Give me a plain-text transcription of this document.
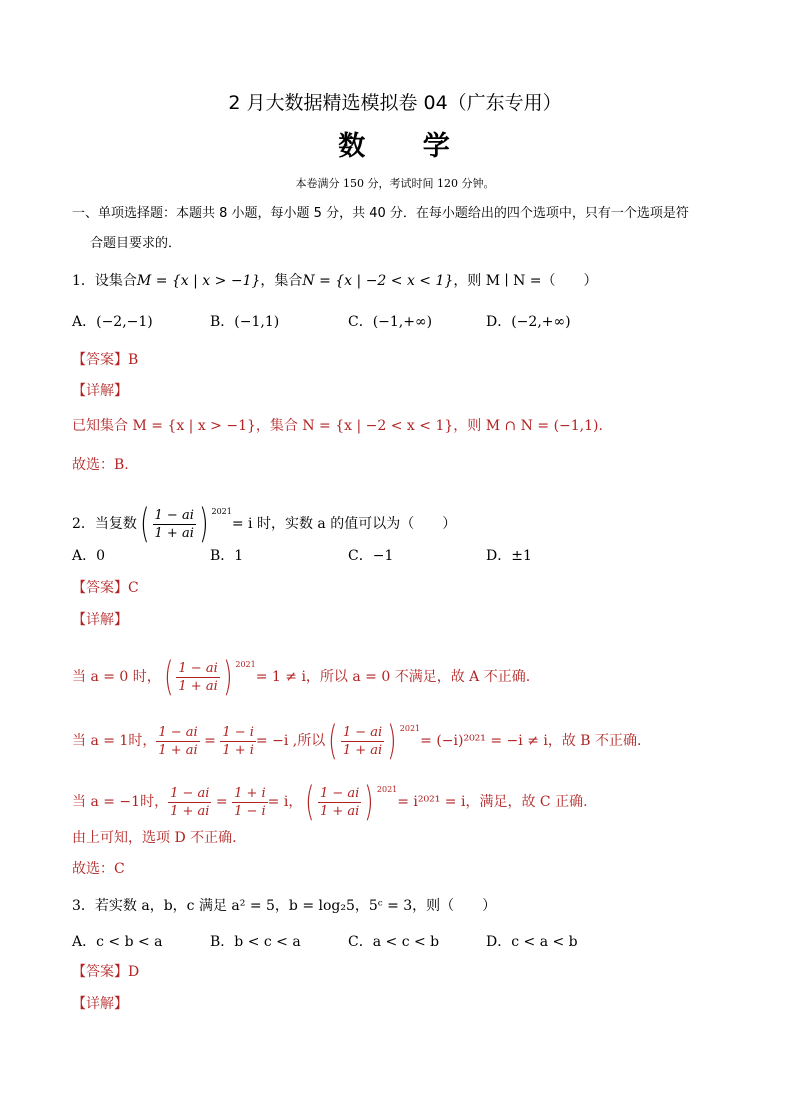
2 月大数据精选模拟卷 04（广东专用）
数 学
本卷满分 150 分，考试时间 120 分钟。
一、单项选择题：本题共 8 小题，每小题 5 分，共 40 分．在每小题给出的四个选项中，只有一个选项是符
合题目要求的．
1．设集合M = {x | x > −1}，集合N = {x | −2 < x < 1}，则 M ∣ N =（　　）
A．(−2,−1)	B．(−1,1)	C．(−1,+∞)	D．(−2,+∞)
【答案】B
【详解】
已知集合 M = {x | x > −1}，集合 N = {x | −2 < x < 1}，则 M ∩ N = (−1,1).
故选：B.
2．当复数( $\frac{1 - ai}{1 + ai}$ ) $^{2021}$= i 时，实数 a 的值可以为（　　）
A．0	B．1	C．−1	D．±1
【答案】C
【详解】
当 a = 0 时，( $\frac{1 - ai}{1 + ai}$ ) $^{2021}$= 1 ≠ i，所以 a = 0 不满足，故 A 不正确.
当 a = 1时， $\frac{1 - ai}{1 + ai} = \frac{1 - i}{1 + i} = -i$ ,所以( $\frac{1 - ai}{1 + ai}$ ) $^{2021}$= (−i)²⁰²¹ = −i ≠ i，故 B 不正确.
当 a = −1时， $\frac{1 - ai}{1 + ai} = \frac{1 + i}{1 - i} = i$，( $\frac{1 - ai}{1 + ai}$ ) $^{2021}$= i²⁰²¹ = i，满足，故 C 正确.
由上可知，选项 D 不正确.
故选：C
3．若实数 a，b，c 满足 a² = 5，b = log₂5，5ᶜ = 3，则（　　）
A．c < b < a	B．b < c < a	C．a < c < b	D．c < a < b
【答案】D
【详解】
